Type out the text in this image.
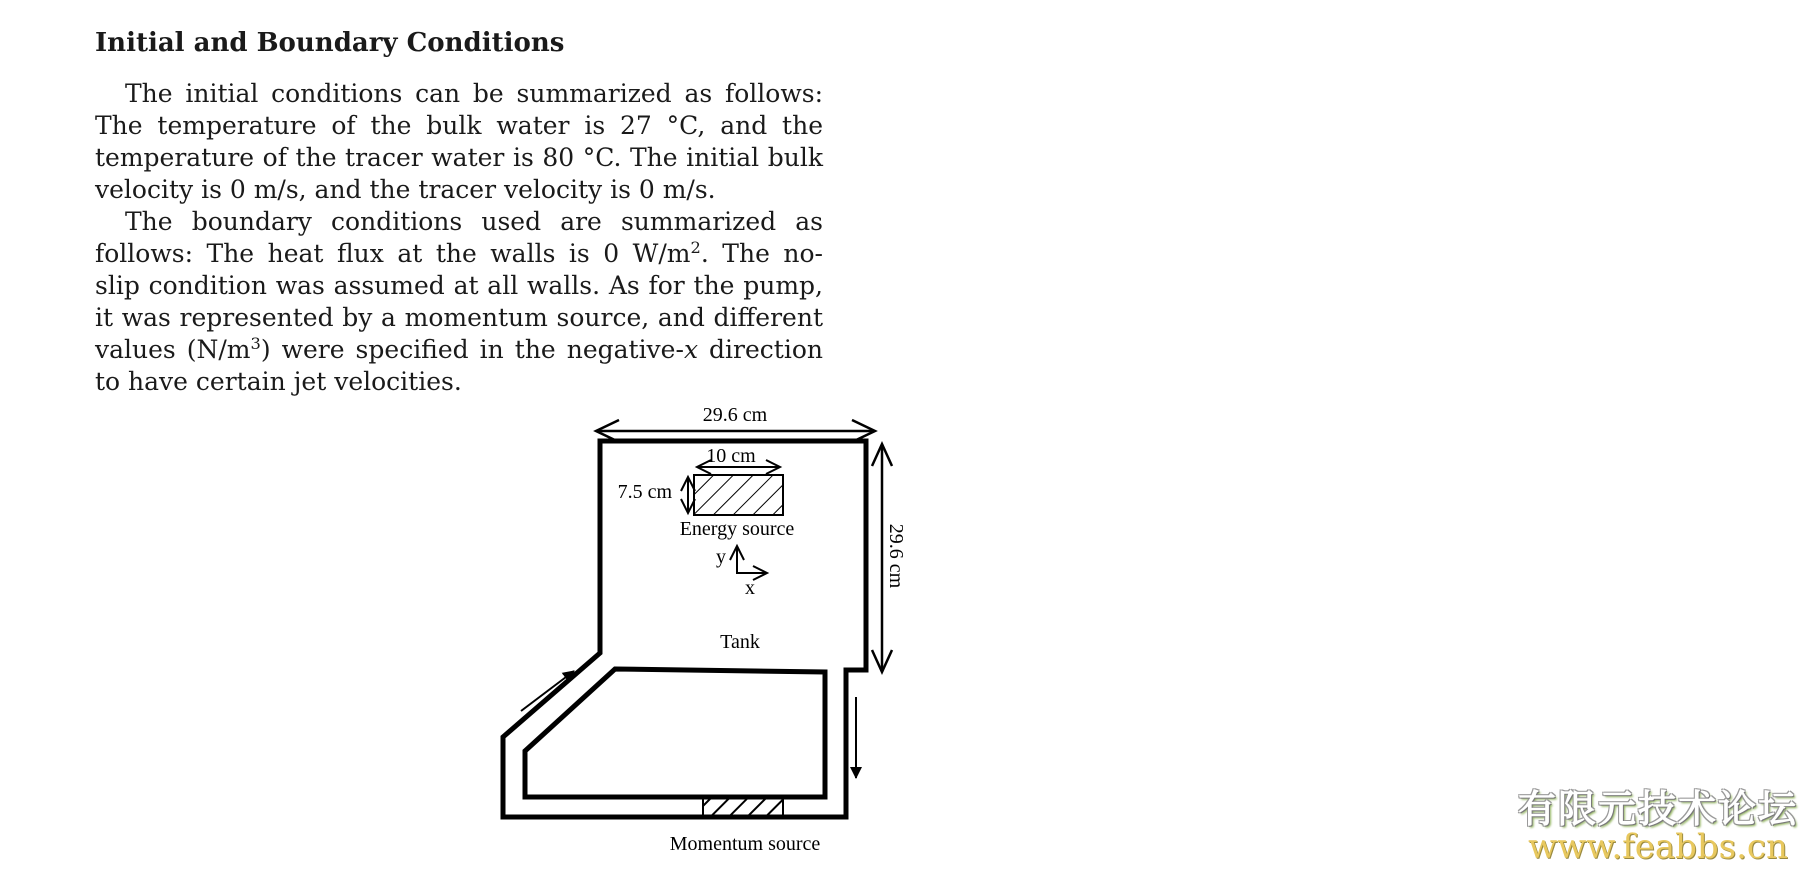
Initial and Boundary Conditions
The initial conditions can be summarized as follows:
The temperature of the bulk water is 27 °C, and the
temperature of the tracer water is 80 °C. The initial bulk
velocity is 0 m/s, and the tracer velocity is 0 m/s.
The boundary conditions used are summarized as
follows: The heat flux at the walls is 0 $W/m^2$. The no-
slip condition was assumed at all walls. As for the pump,
it was represented by a momentum source, and different
values $(N/m^3)$ were specified in the negative-x direction
to have certain jet velocities.
29.6 cm
29.6 cm
10 cm
7.5 cm
Energy source
y
x
Tank
Momentum source
有限元技术论坛
www.feabbs.cn
